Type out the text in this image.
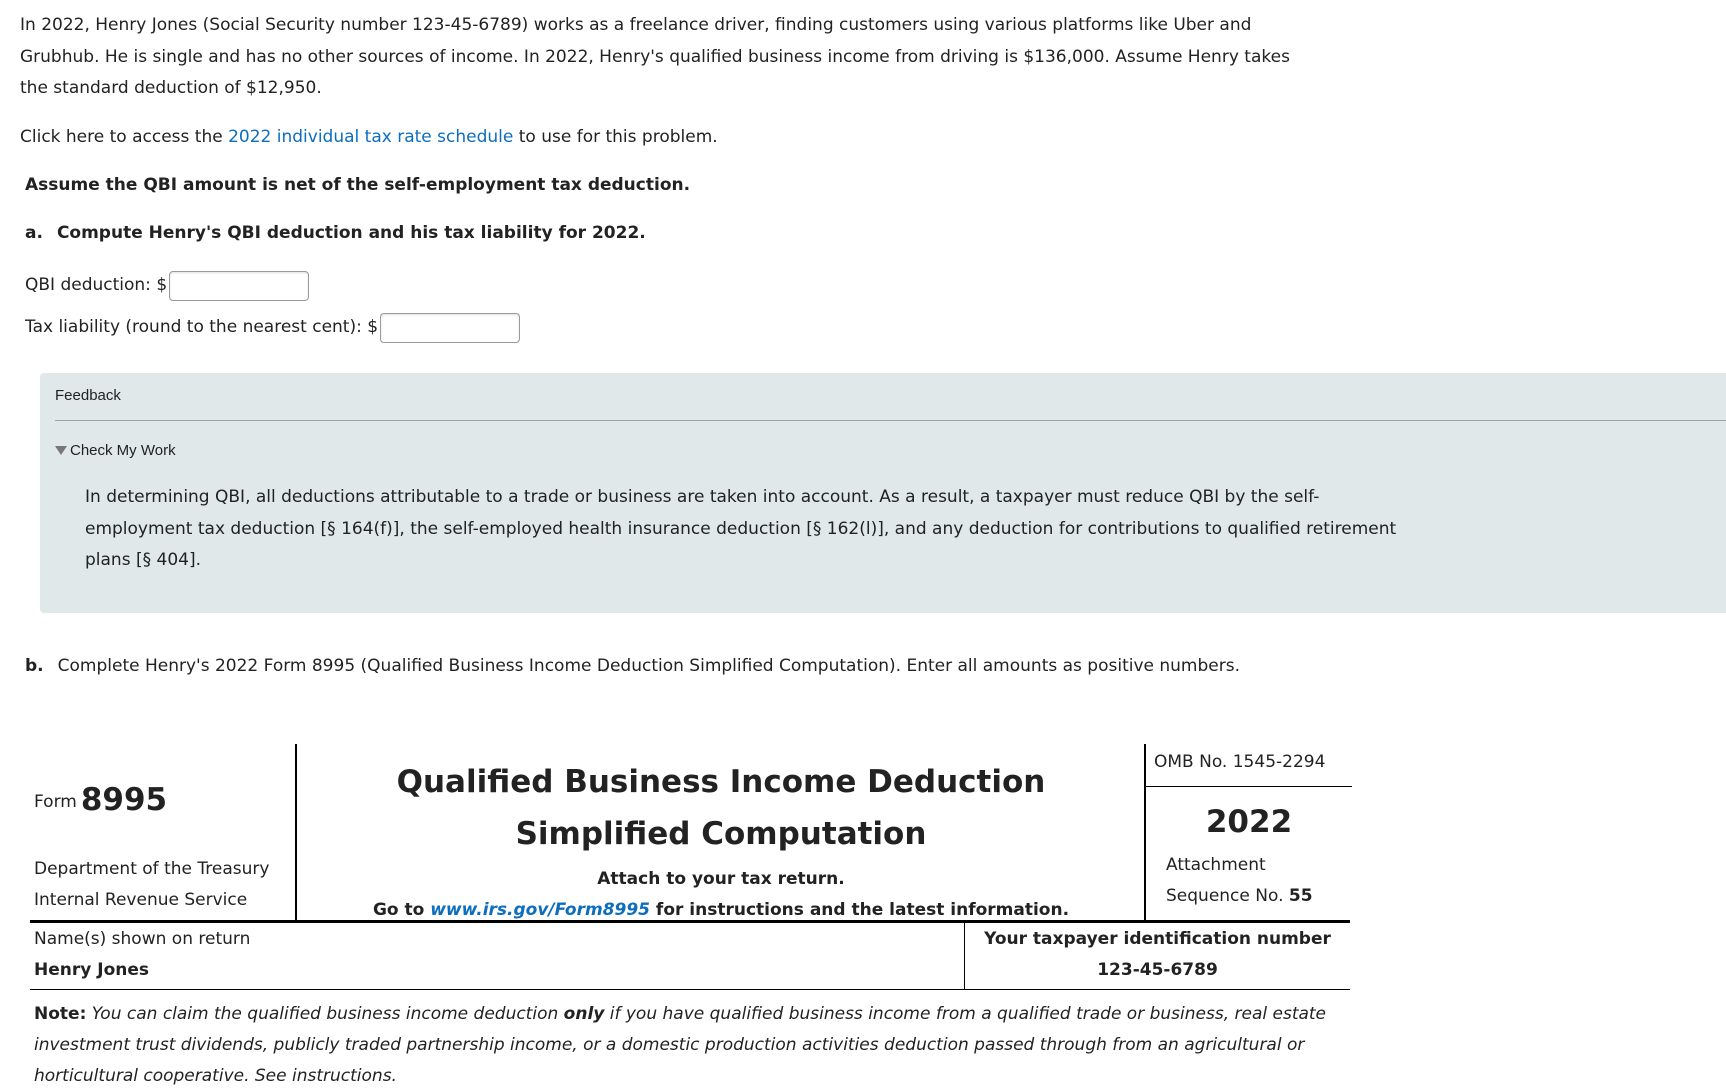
In 2022, Henry Jones (Social Security number 123-45-6789) works as a freelance driver, finding customers using various platforms like Uber and Grubhub. He is single and has no other sources of income. In 2022, Henry's qualified business income from driving is $136,000. Assume Henry takes the standard deduction of $12,950.

Click here to access the 2022 individual tax rate schedule to use for this problem.

Assume the QBI amount is net of the self-employment tax deduction.

a. Compute Henry's QBI deduction and his tax liability for 2022.

QBI deduction: $
Tax liability (round to the nearest cent): $
Feedback
Check My Work

In determining QBI, all deductions attributable to a trade or business are taken into account. As a result, a taxpayer must reduce QBI by the self-employment tax deduction [§ 164(f)], the self-employed health insurance deduction [§ 162(l)], and any deduction for contributions to qualified retirement plans [§ 404].

b. Complete Henry's 2022 Form 8995 (Qualified Business Income Deduction Simplified Computation). Enter all amounts as positive numbers.

Form 8995
Department of the Treasury
Internal Revenue Service
Qualified Business Income Deduction
Simplified Computation
Attach to your tax return.
Go to www.irs.gov/Form8995 for instructions and the latest information.
OMB No. 1545-2294
2022
Attachment
Sequence No. 55
Name(s) shown on return
Henry Jones
Your taxpayer identification number
123-45-6789

Note: You can claim the qualified business income deduction only if you have qualified business income from a qualified trade or business, real estate investment trust dividends, publicly traded partnership income, or a domestic production activities deduction passed through from an agricultural or horticultural cooperative. See instructions.
